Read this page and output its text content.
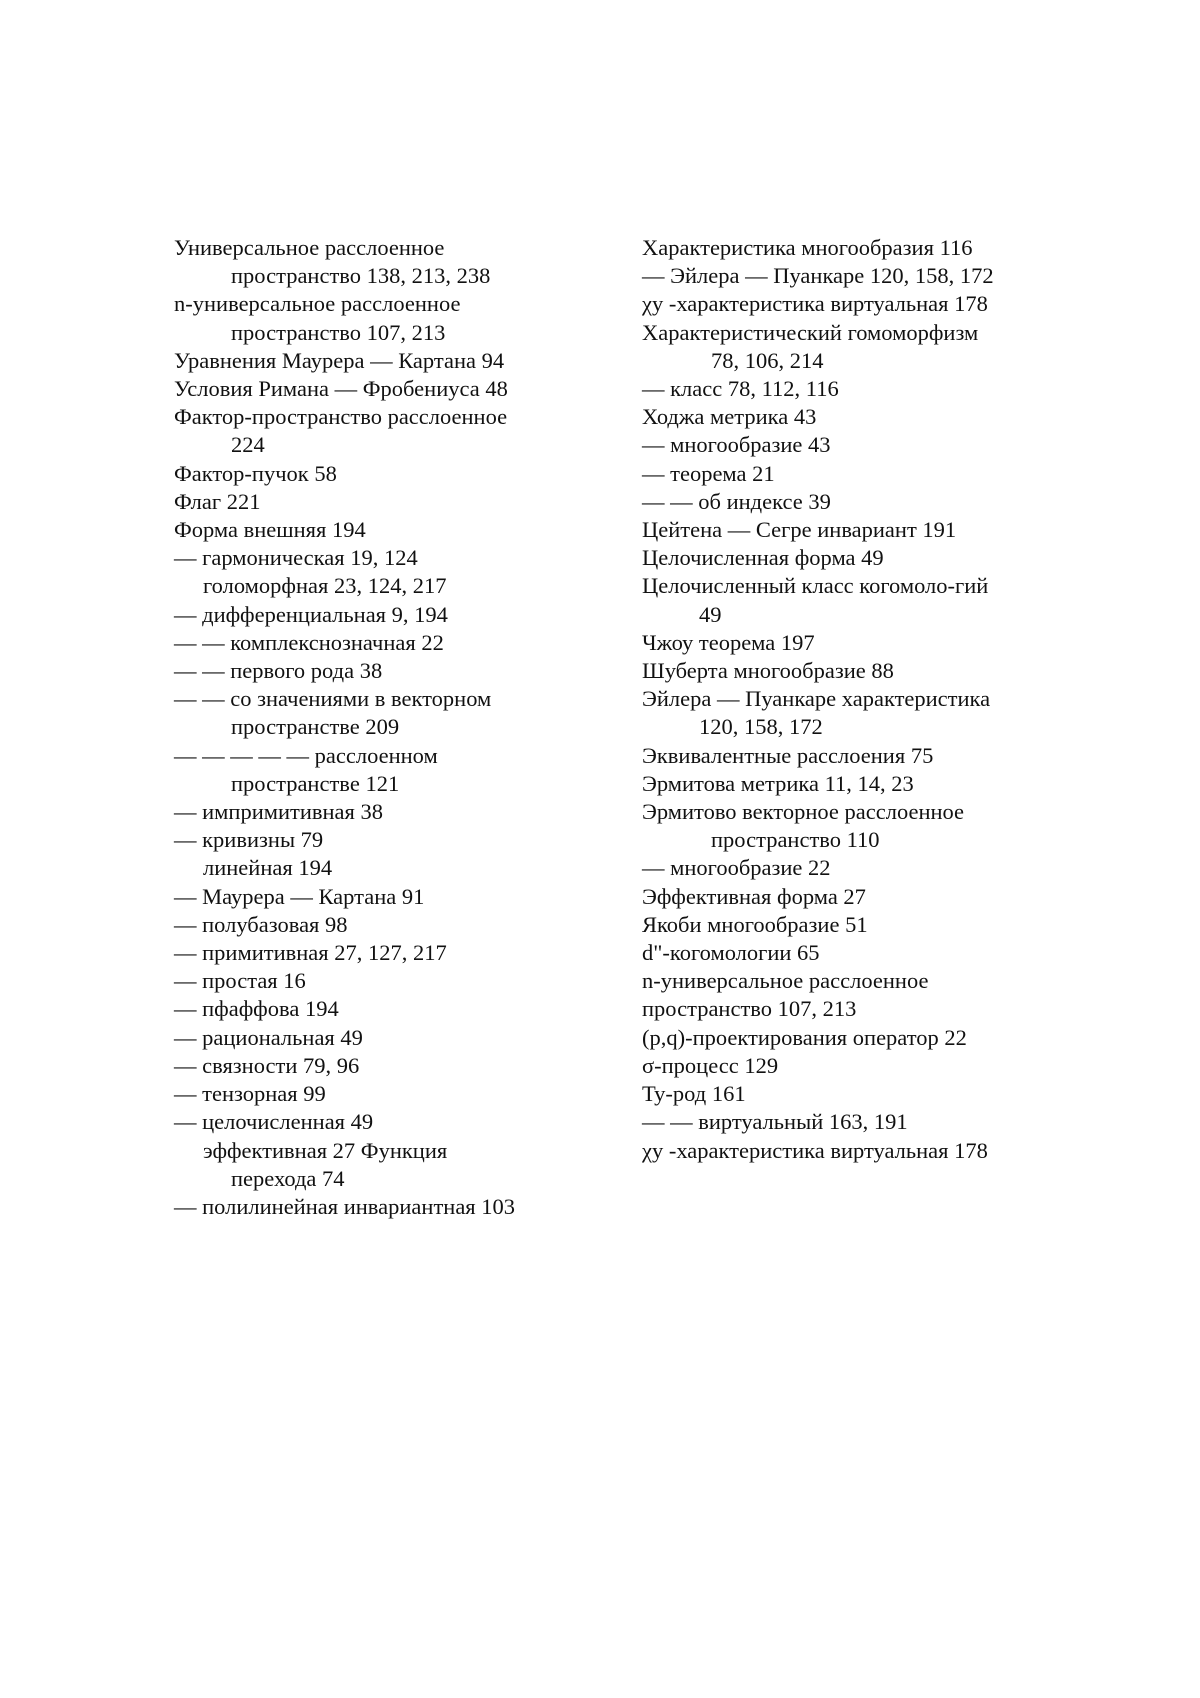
Универсальное расслоенное
пространство 138, 213, 238
n-универсальное расслоенное
пространство 107, 213
Уравнения Маурера — Картана 94
Условия Римана — Фробениуса 48
Фактор-пространство расслоенное
224
Фактор-пучок 58
Флаг 221
Форма внешняя 194
— гармоническая 19, 124
голоморфная 23, 124, 217
— дифференциальная 9, 194
— — комплекснозначная 22
— — первого рода 38
— — со значениями в векторном
пространстве 209
— — — — — расслоенном
пространствe 121
— импримитивная 38
— кривизны 79
линейная 194
— Маурера — Картана 91
— полубазовая 98
— примитивная 27, 127, 217
— простая 16
— пфаффова 194
— рациональная 49
— связности 79, 96
— тензорная 99
— целочисленная 49
эффективная 27 Функция
перехода 74
— полилинейная инвариантная 103
Характеристика многообразия 116
— Эйлера — Пуанкаре 120, 158, 172
χy -характеристика виртуальная 178
Характеристический гомоморфизм
78, 106, 214
— класс 78, 112, 116
Ходжа метрика 43
— многообразие 43
— теорема 21
— — об индексе 39
Цейтена — Сегре инвариант 191
Целочисленная форма 49
Целочисленный класс когомоло-гий
49
Чжоу теорема 197
Шуберта многообразие 88
Эйлера — Пуанкаре характеристика
120, 158, 172
Эквивалентные расслоения 75
Эрмитова метрика 11, 14, 23
Эрмитово векторное расслоенное
пространство 110
— многообразие 22
Эффективная форма 27
Якоби многообразие 51
d"-когомологии 65
n-универсальное расслоенное
пространство 107, 213
(p,q)-проектирования оператор 22
σ-процесс 129
Ty-род 161
— — виртуальный 163, 191
χy -характеристика виртуальная 178
